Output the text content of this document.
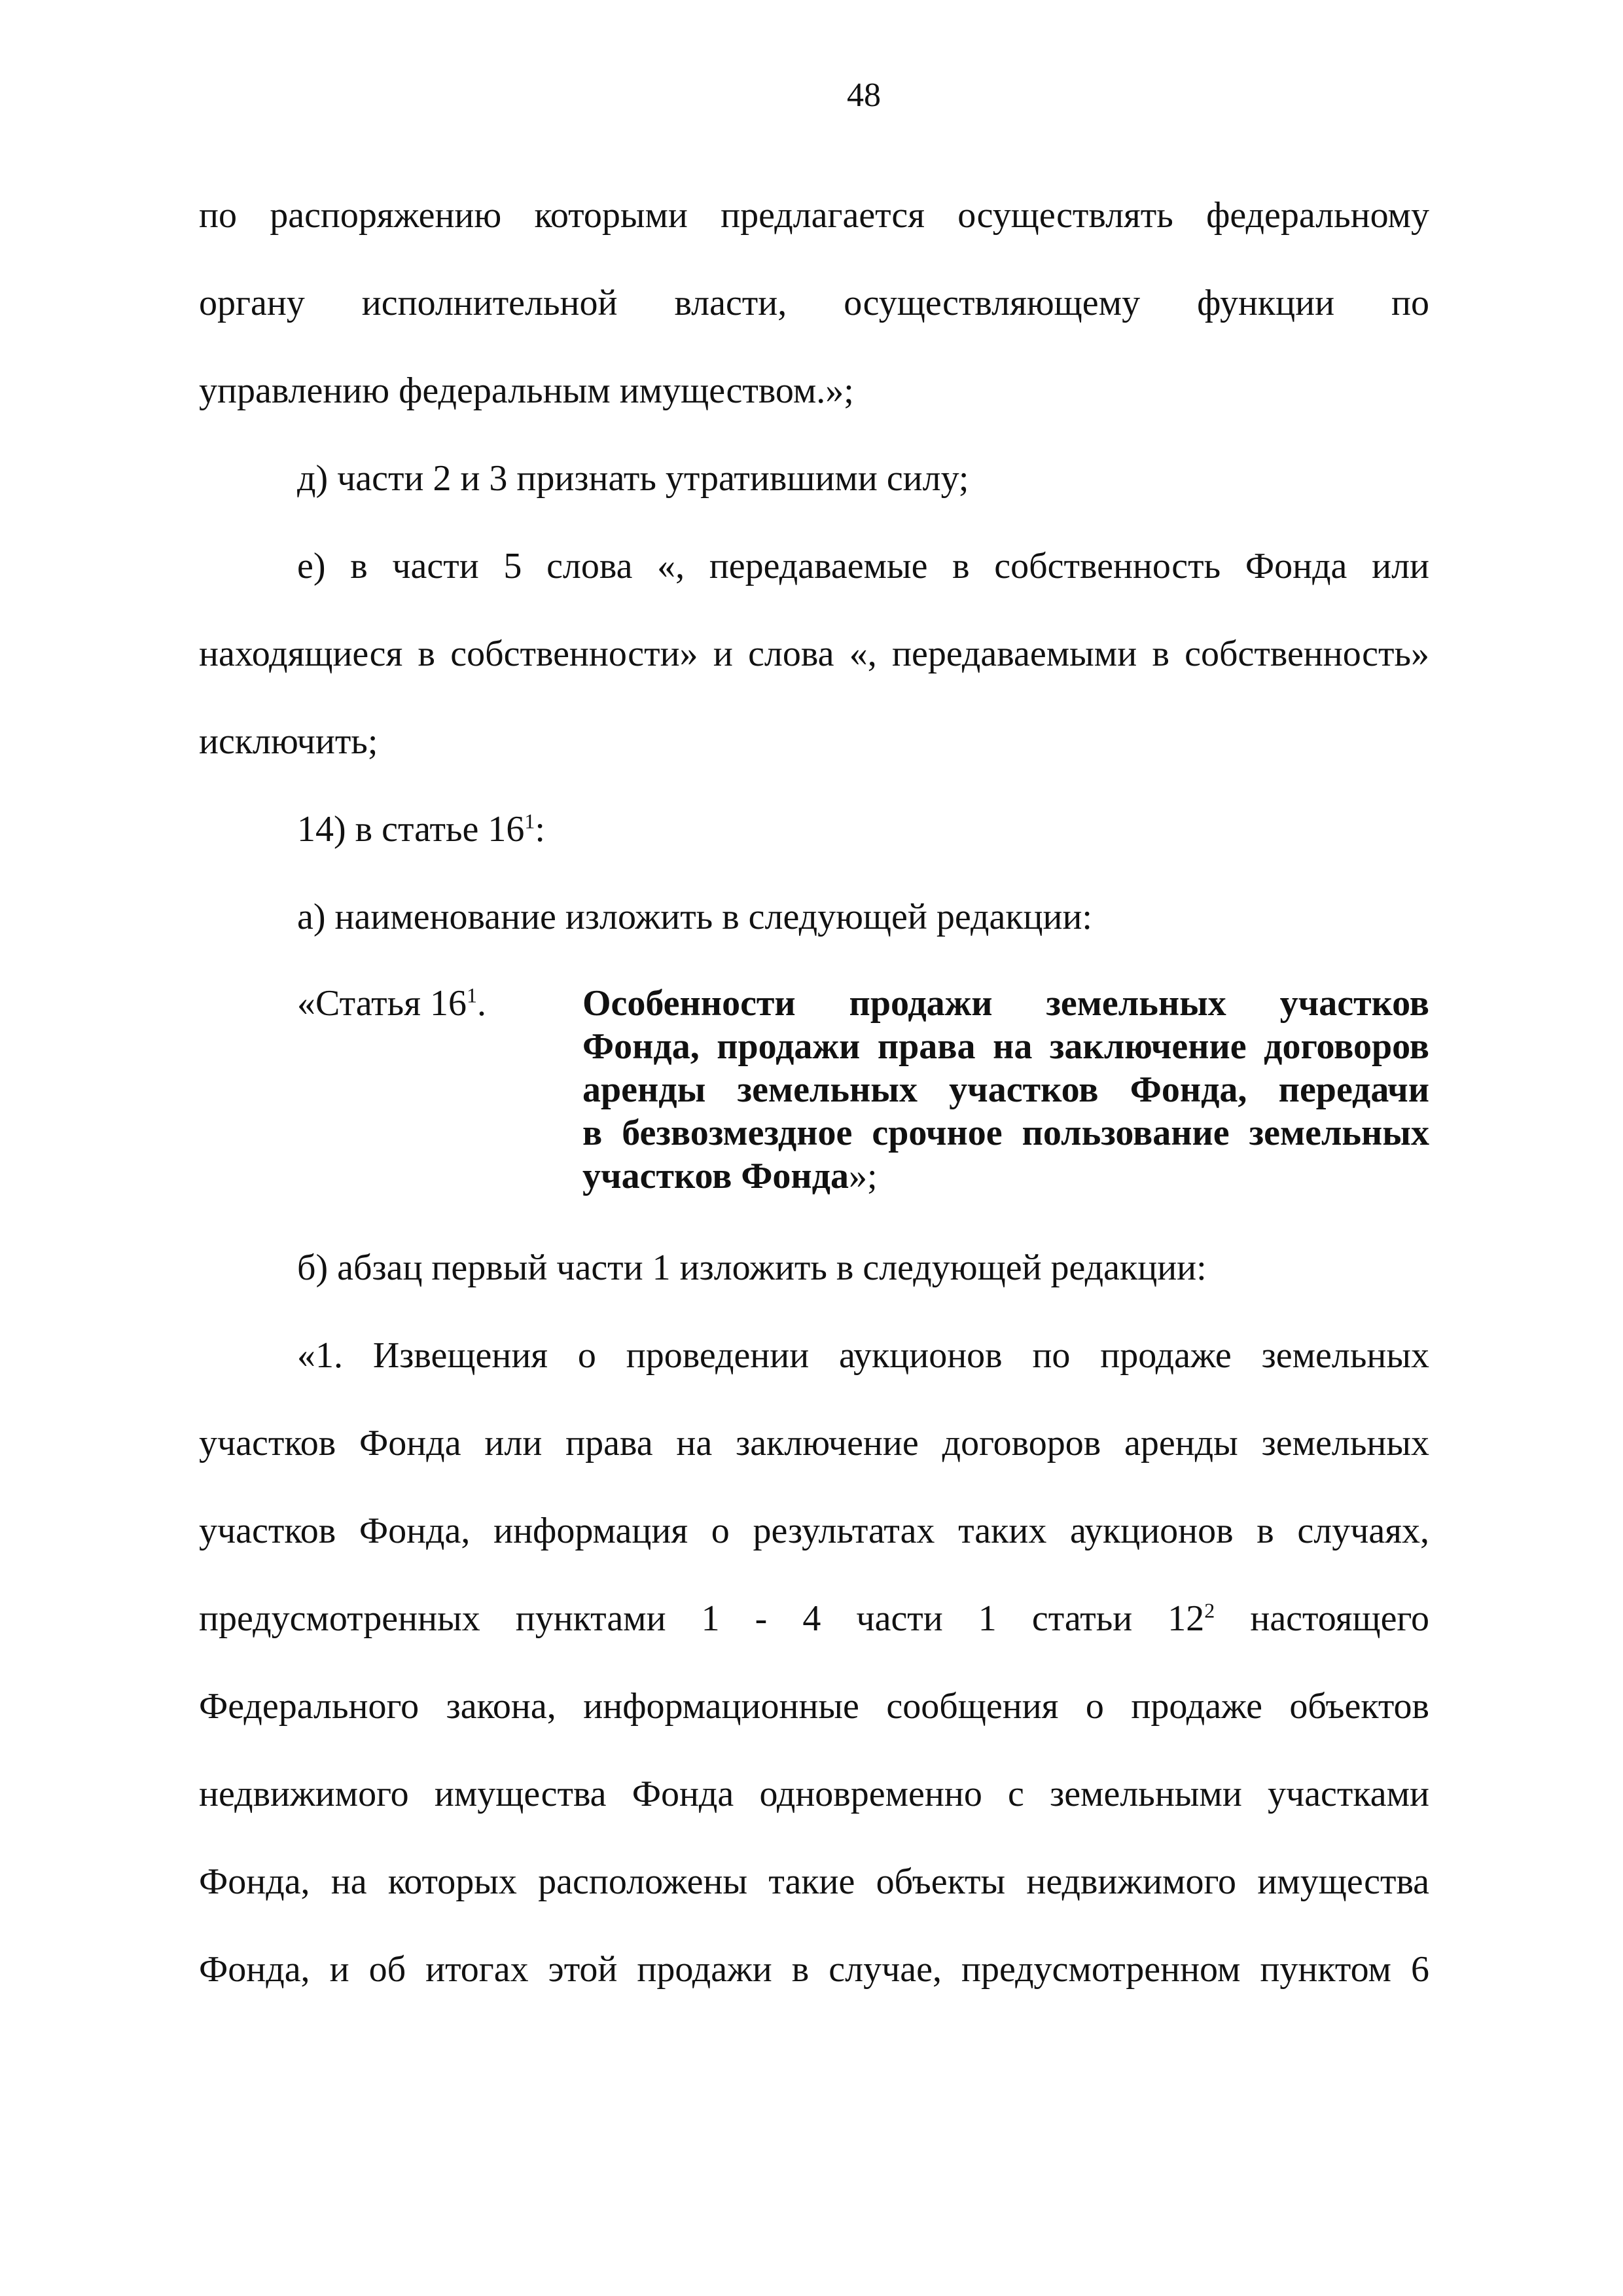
48
по распоряжению которыми предлагается осуществлять федеральному
органу исполнительной власти, осуществляющему функции по
управлению федеральным имуществом.»;
д) части 2 и 3 признать утратившими силу;
е) в части 5 слова «, передаваемые в собственность Фонда или
находящиеся в собственности» и слова «, передаваемыми в собственность»
исключить;
14) в статье $16^1$:
а) наименование изложить в следующей редакции:
«Статья $16^1$.	Особенности продажи земельных участков
Фонда, продажи права на заключение договоров
аренды земельных участков Фонда, передачи
в безвозмездное срочное пользование земельных
участков Фонда»;
б) абзац первый части 1 изложить в следующей редакции:
«1. Извещения о проведении аукционов по продаже земельных
участков Фонда или права на заключение договоров аренды земельных
участков Фонда, информация о результатах таких аукционов в случаях,
предусмотренных пунктами 1 - 4 части 1 статьи $12^2$ настоящего
Федерального закона, информационные сообщения о продаже объектов
недвижимого имущества Фонда одновременно с земельными участками
Фонда, на которых расположены такие объекты недвижимого имущества
Фонда, и об итогах этой продажи в случае, предусмотренном пунктом 6
